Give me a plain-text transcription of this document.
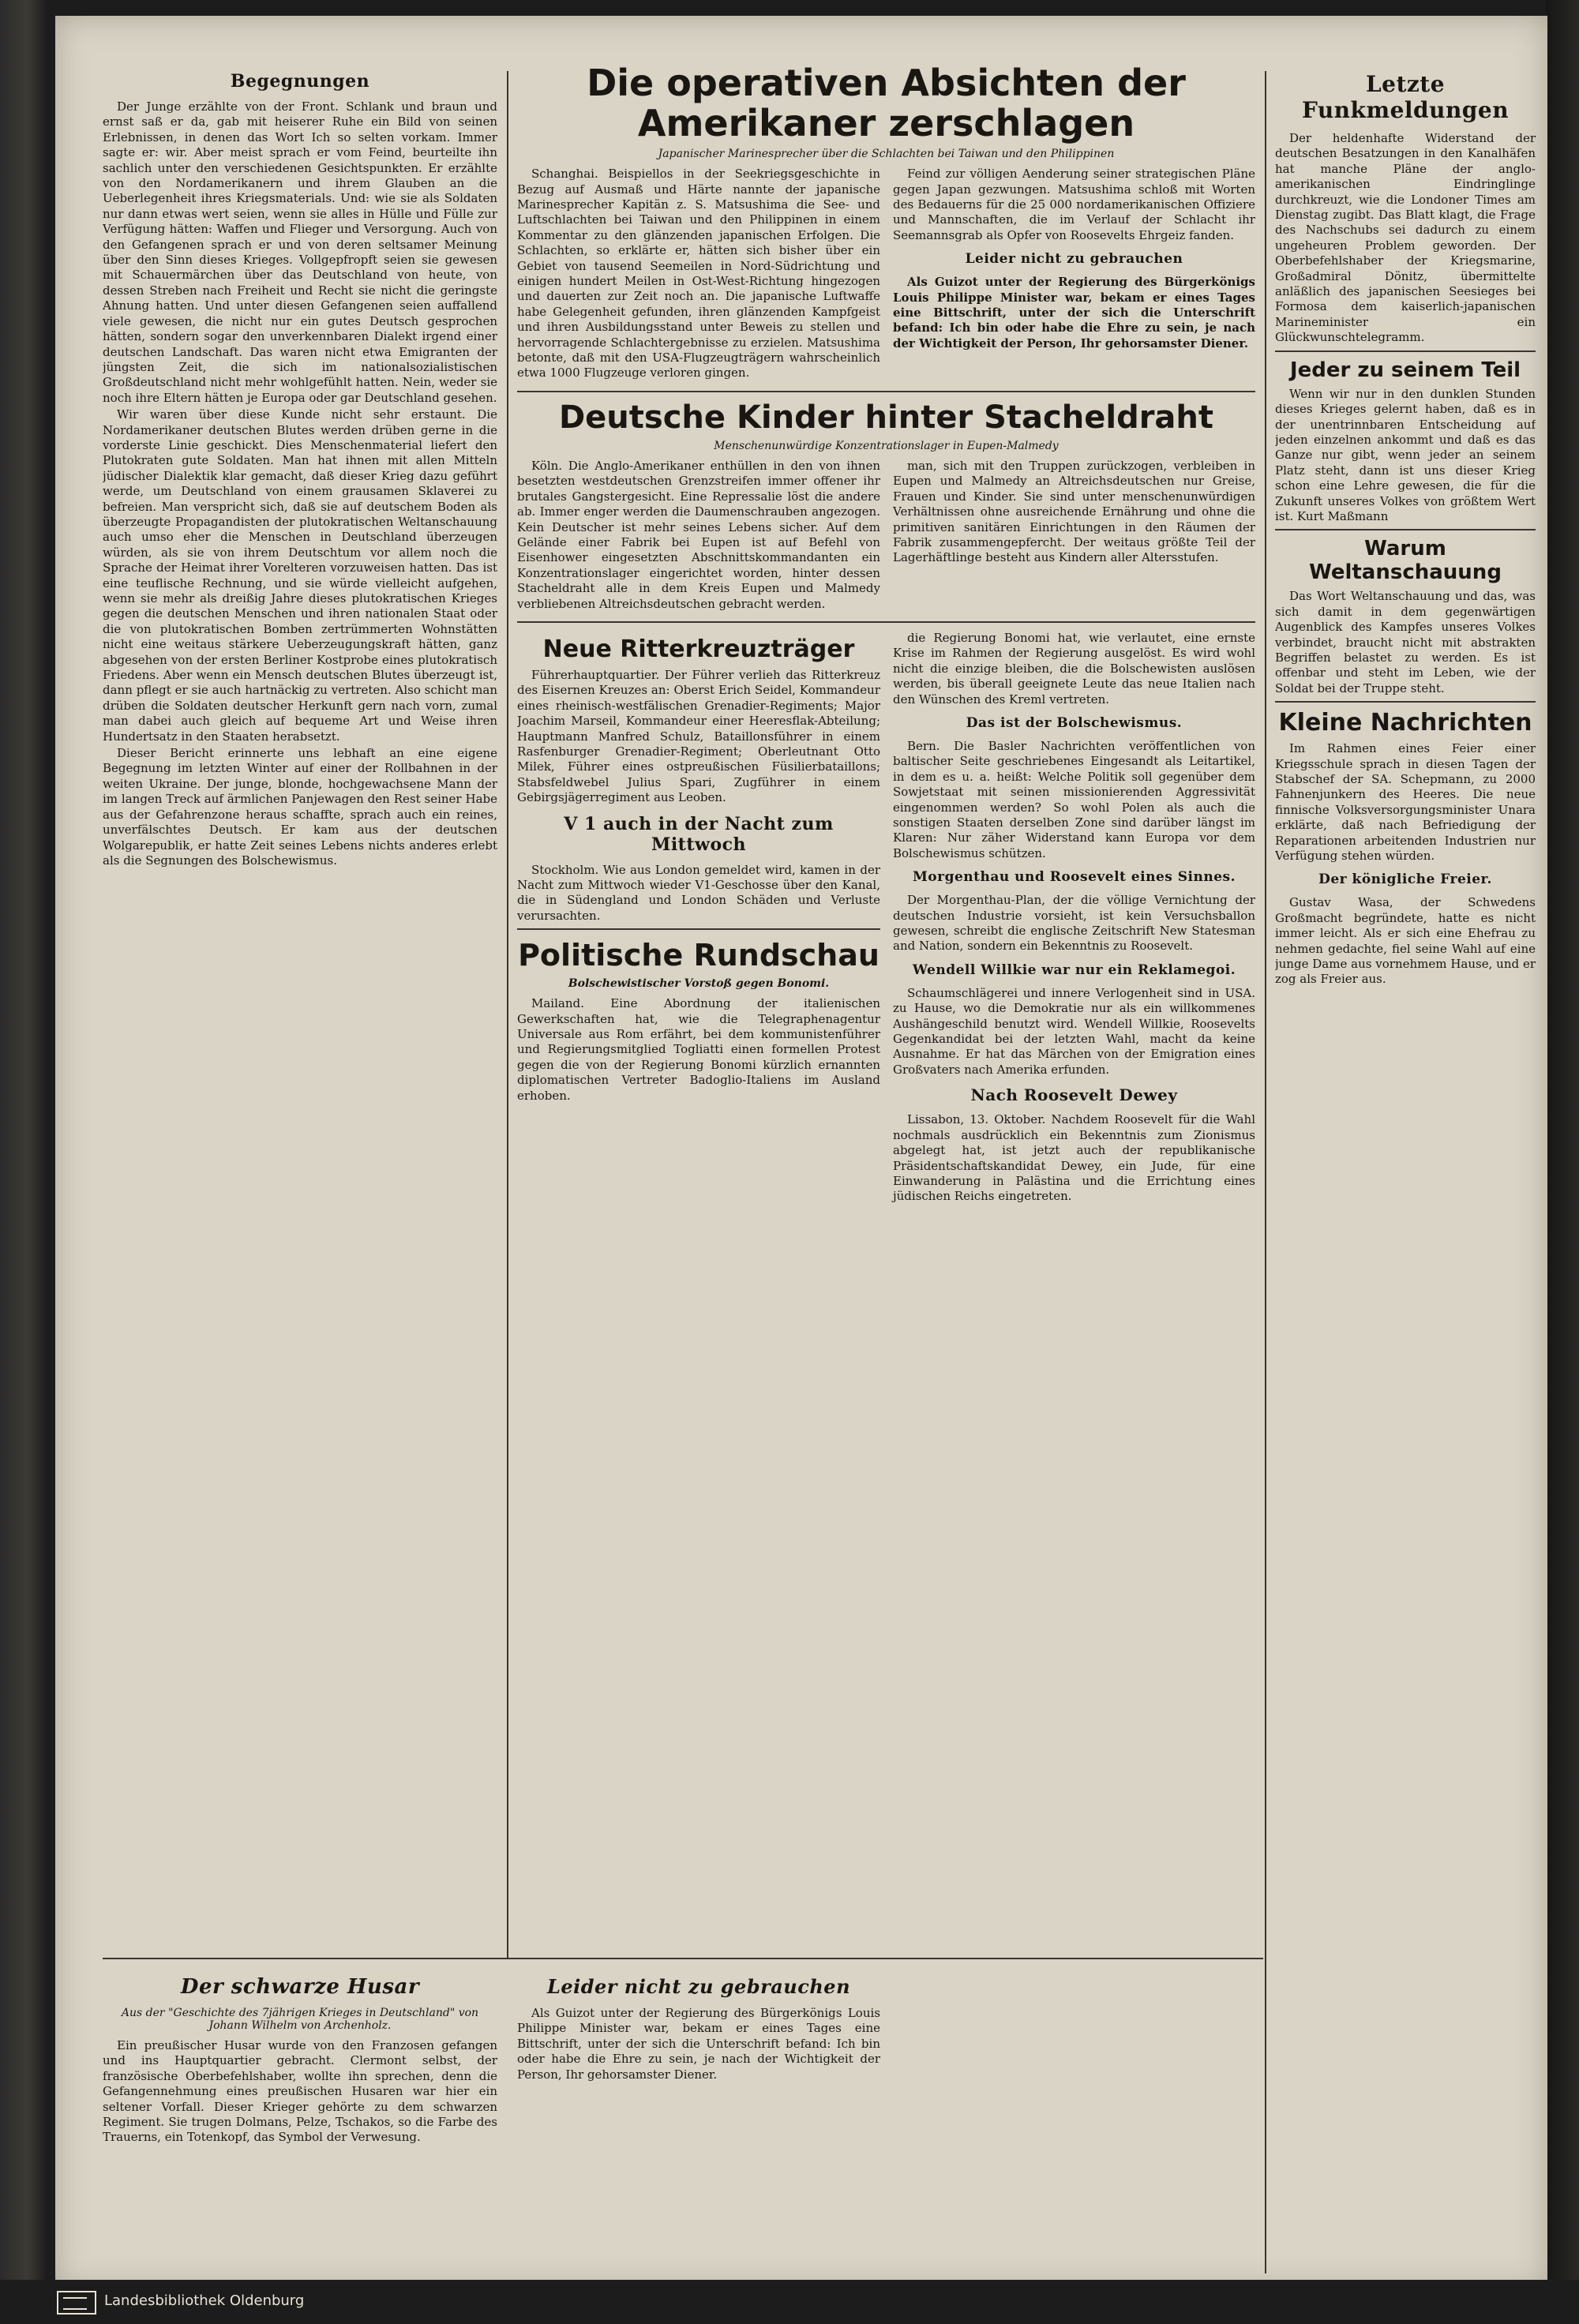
Begegnungen

Der Junge erzählte von der Front. Schlank und braun und ernst saß er da, gab mit heiserer Ruhe ein Bild von seinen Erlebnissen, in denen das Wort Ich so selten vorkam. Immer sagte er: wir. Aber meist sprach er vom Feind, beurteilte ihn sachlich unter den verschiedenen Gesichtspunkten. Er erzählte von den Nordamerikanern und ihrem Glauben an die Ueberlegenheit ihres Kriegsmaterials. Und: wie sie als Soldaten nur dann etwas wert seien, wenn sie alles in Hülle und Fülle zur Verfügung hätten: Waffen und Flieger und Versorgung. Auch von den Gefangenen sprach er und von deren seltsamer Meinung über den Sinn dieses Krieges. Vollgepfropft seien sie gewesen mit Schauermärchen über das Deutschland von heute, von dessen Streben nach Freiheit und Recht sie nicht die geringste Ahnung hatten. Und unter diesen Gefangenen seien auffallend viele gewesen, die nicht nur ein gutes Deutsch gesprochen hätten, sondern sogar den unverkennbaren Dialekt irgend einer deutschen Landschaft. Das waren nicht etwa Emigranten der jüngsten Zeit, die sich im nationalsozialistischen Großdeutschland nicht mehr wohlgefühlt hatten. Nein, weder sie noch ihre Eltern hätten je Europa oder gar Deutschland gesehen.

Wir waren über diese Kunde nicht sehr erstaunt. Die Nordamerikaner deutschen Blutes werden drüben gerne in die vorderste Linie geschickt. Dies Menschenmaterial liefert den Plutokraten gute Soldaten. Man hat ihnen mit allen Mitteln jüdischer Dialektik klar gemacht, daß dieser Krieg dazu geführt werde, um Deutschland von einem grausamen Sklaverei zu befreien. Man verspricht sich, daß sie auf deutschem Boden als überzeugte Propagandisten der plutokratischen Weltanschauung auch umso eher die Menschen in Deutschland überzeugen würden, als sie von ihrem Deutschtum vor allem noch die Sprache der Heimat ihrer Vorelteren vorzuweisen hatten. Das ist eine teuflische Rechnung, und sie würde vielleicht aufgehen, wenn sie mehr als dreißig Jahre dieses plutokratischen Krieges gegen die deutschen Menschen und ihren nationalen Staat oder die von plutokratischen Bomben zertrümmerten Wohnstätten nicht eine weitaus stärkere Ueberzeugungskraft hätten, ganz abgesehen von der ersten Berliner Kostprobe eines plutokratisch Friedens. Aber wenn ein Mensch deutschen Blutes überzeugt ist, dann pflegt er sie auch hartnäckig zu vertreten. Also schicht man drüben die Soldaten deutscher Herkunft gern nach vorn, zumal man dabei auch gleich auf bequeme Art und Weise ihren Hundertsatz in den Staaten herabsetzt.

Dieser Bericht erinnerte uns lebhaft an eine eigene Begegnung im letzten Winter auf einer der Rollbahnen in der weiten Ukraine. Der junge, blonde, hochgewachsene Mann der im langen Treck auf ärmlichen Panjewagen den Rest seiner Habe aus der Gefahrenzone heraus schaffte, sprach auch ein reines, unverfälschtes Deutsch. Er kam aus der deutschen Wolgarepublik, er hatte Zeit seines Lebens nichts anderes erlebt als die Segnungen des Bolschewismus.

Der schwarze Husar
Aus der "Geschichte des 7jährigen Krieges in Deutschland" von Johann Wilhelm von Archenholz.

Ein preußischer Husar wurde von den Franzosen gefangen und ins Hauptquartier gebracht. Clermont selbst, der französische Oberbefehlshaber, wollte ihn sprechen, denn die Gefangennehmung eines preußischen Husaren war hier ein seltener Vorfall. Dieser Krieger gehörte zu dem schwarzen Regiment. Sie trugen Dolmans, Pelze, Tschakos, so die Farbe des Trauerns, ein Totenkopf, das Symbol der Verwesung.

Die operativen Absichten der Amerikaner zerschlagen
Japanischer Marinesprecher über die Schlachten bei Taiwan und den Philippinen

Schanghai. Beispiellos in der Seekriegsgeschichte in Bezug auf Ausmaß und Härte nannte der japanische Marinesprecher Kapitän z. S. Matsushima die See- und Luftschlachten bei Taiwan und den Philippinen in einem Kommentar zu den glänzenden japanischen Erfolgen. Die Schlachten, so erklärte er, hätten sich bisher über ein Gebiet von tausend Seemeilen in Nord-Südrichtung und einigen hundert Meilen in Ost-West-Richtung hingezogen und dauerten zur Zeit noch an. Die japanische Luftwaffe habe Gelegenheit gefunden, ihren glänzenden Kampfgeist und ihren Ausbildungsstand unter Beweis zu stellen und hervorragende Schlachtergebnisse zu erzielen. Matsushima betonte, daß mit den USA-Flugzeugträgern wahrscheinlich etwa 1000 Flugzeuge verloren gingen.

Feind zur völligen Aenderung seiner strategischen Pläne gegen Japan gezwungen. Matsushima schloß mit Worten des Bedauerns für die 25 000 nordamerikanischen Offiziere und Mannschaften, die im Verlauf der Schlacht ihr Seemannsgrab als Opfer von Roosevelts Ehrgeiz fanden.

Leider nicht zu gebrauchen

Als Guizot unter der Regierung des Bürgerkönigs Louis Philippe Minister war, bekam er eines Tages eine Bittschrift, unter der sich die Unterschrift befand: Ich bin oder habe die Ehre zu sein, je nach der Wichtigkeit der Person, Ihr gehorsamster Diener.

Deutsche Kinder hinter Stacheldraht
Menschenunwürdige Konzentrationslager in Eupen-Malmedy

Köln. Die Anglo-Amerikaner enthüllen in den von ihnen besetzten westdeutschen Grenzstreifen immer offener ihr brutales Gangstergesicht. Eine Repressalie löst die andere ab. Immer enger werden die Daumenschrauben angezogen. Kein Deutscher ist mehr seines Lebens sicher. Auf dem Gelände einer Fabrik bei Eupen ist auf Befehl von Eisenhower eingesetzten Abschnittskommandanten ein Konzentrationslager eingerichtet worden, hinter dessen Stacheldraht alle in dem Kreis Eupen und Malmedy verbliebenen Altreichsdeutschen gebracht werden.

man, sich mit den Truppen zurückzogen, verbleiben in Eupen und Malmedy an Altreichsdeutschen nur Greise, Frauen und Kinder. Sie sind unter menschenunwürdigen Verhältnissen ohne ausreichende Ernährung und ohne die primitiven sanitären Einrichtungen in den Räumen der Fabrik zusammengepfercht. Der weitaus größte Teil der Lagerhäftlinge besteht aus Kindern aller Altersstufen.

Neue Ritterkreuzträger

Führerhauptquartier. Der Führer verlieh das Ritterkreuz des Eisernen Kreuzes an: Oberst Erich Seidel, Kommandeur eines rheinisch-westfälischen Grenadier-Regiments; Major Joachim Marseil, Kommandeur einer Heeresflak-Abteilung; Hauptmann Manfred Schulz, Bataillonsführer in einem Rasfenburger Grenadier-Regiment; Oberleutnant Otto Milek, Führer eines ostpreußischen Füsilierbataillons; Stabsfeldwebel Julius Spari, Zugführer in einem Gebirgsjägerregiment aus Leoben.

V 1 auch in der Nacht zum Mittwoch

Stockholm. Wie aus London gemeldet wird, kamen in der Nacht zum Mittwoch wieder V1-Geschosse über den Kanal, die in Südengland und London Schäden und Verluste verursachten.

Politische Rundschau
Bolschewistischer Vorstoß gegen Bonomi.

Mailand. Eine Abordnung der italienischen Gewerkschaften hat, wie die Telegraphenagentur Universale aus Rom erfährt, bei dem kommunistenführer und Regierungsmitglied Togliatti einen formellen Protest gegen die von der Regierung Bonomi kürzlich ernannten diplomatischen Vertreter Badoglio-Italiens im Ausland erhoben.

die Regierung Bonomi hat, wie verlautet, eine ernste Krise im Rahmen der Regierung ausgelöst. Es wird wohl nicht die einzige bleiben, die die Bolschewisten auslösen werden, bis überall geeignete Leute das neue Italien nach den Wünschen des Kreml vertreten.

Das ist der Bolschewismus.

Bern. Die Basler Nachrichten veröffentlichen von baltischer Seite geschriebenes Eingesandt als Leitartikel, in dem es u. a. heißt: Welche Politik soll gegenüber dem Sowjetstaat mit seinen missionierenden Aggressivität eingenommen werden? So wohl Polen als auch die sonstigen Staaten derselben Zone sind darüber längst im Klaren: Nur zäher Widerstand kann Europa vor dem Bolschewismus schützen.

Morgenthau und Roosevelt eines Sinnes.

Der Morgenthau-Plan, der die völlige Vernichtung der deutschen Industrie vorsieht, ist kein Versuchsballon gewesen, schreibt die englische Zeitschrift New Statesman and Nation, sondern ein Bekenntnis zu Roosevelt.

Wendell Willkie war nur ein Reklamegoi.

Schaumschlägerei und innere Verlogenheit sind in USA. zu Hause, wo die Demokratie nur als ein willkommenes Aushängeschild benutzt wird. Wendell Willkie, Roosevelts Gegenkandidat bei der letzten Wahl, macht da keine Ausnahme. Er hat das Märchen von der Emigration eines Großvaters nach Amerika erfunden.

Nach Roosevelt Dewey

Lissabon, 13. Oktober. Nachdem Roosevelt für die Wahl nochmals ausdrücklich ein Bekenntnis zum Zionismus abgelegt hat, ist jetzt auch der republikanische Präsidentschaftskandidat Dewey, ein Jude, für eine Einwanderung in Palästina und die Errichtung eines jüdischen Reichs eingetreten.

Leider nicht zu gebrauchen

Als Guizot unter der Regierung des Bürgerkönigs Louis Philippe Minister war, bekam er eines Tages eine Bittschrift, unter der sich die Unterschrift befand: Ich bin oder habe die Ehre zu sein, je nach der Wichtigkeit der Person, Ihr gehorsamster Diener.

Letzte Funkmeldungen

Der heldenhafte Widerstand der deutschen Besatzungen in den Kanalhäfen hat manche Pläne der anglo-amerikanischen Eindringlinge durchkreuzt, wie die Londoner Times am Dienstag zugibt. Das Blatt klagt, die Frage des Nachschubs sei dadurch zu einem ungeheuren Problem geworden. Der Oberbefehlshaber der Kriegsmarine, Großadmiral Dönitz, übermittelte anläßlich des japanischen Seesieges bei Formosa dem kaiserlich-japanischen Marineminister ein Glückwunschtelegramm.

Jeder zu seinem Teil

Wenn wir nur in den dunklen Stunden dieses Krieges gelernt haben, daß es in der unentrinnbaren Entscheidung auf jeden einzelnen ankommt und daß es das Ganze nur gibt, wenn jeder an seinem Platz steht, dann ist uns dieser Krieg schon eine Lehre gewesen, die für die Zukunft unseres Volkes von größtem Wert ist. Kurt Maßmann

Warum Weltanschauung

Das Wort Weltanschauung und das, was sich damit in dem gegenwärtigen Augenblick des Kampfes unseres Volkes verbindet, braucht nicht mit abstrakten Begriffen belastet zu werden. Es ist offenbar und steht im Leben, wie der Soldat bei der Truppe steht.

Kleine Nachrichten

Im Rahmen eines Feier einer Kriegsschule sprach in diesen Tagen der Stabschef der SA. Schepmann, zu 2000 Fahnenjunkern des Heeres. Die neue finnische Volksversorgungsminister Unara erklärte, daß nach Befriedigung der Reparationen arbeitenden Industrien nur Verfügung stehen würden.

Der königliche Freier.

Gustav Wasa, der Schwedens Großmacht begründete, hatte es nicht immer leicht. Als er sich eine Ehefrau zu nehmen gedachte, fiel seine Wahl auf eine junge Dame aus vornehmem Hause, und er zog als Freier aus.

Landesbibliothek Oldenburg
